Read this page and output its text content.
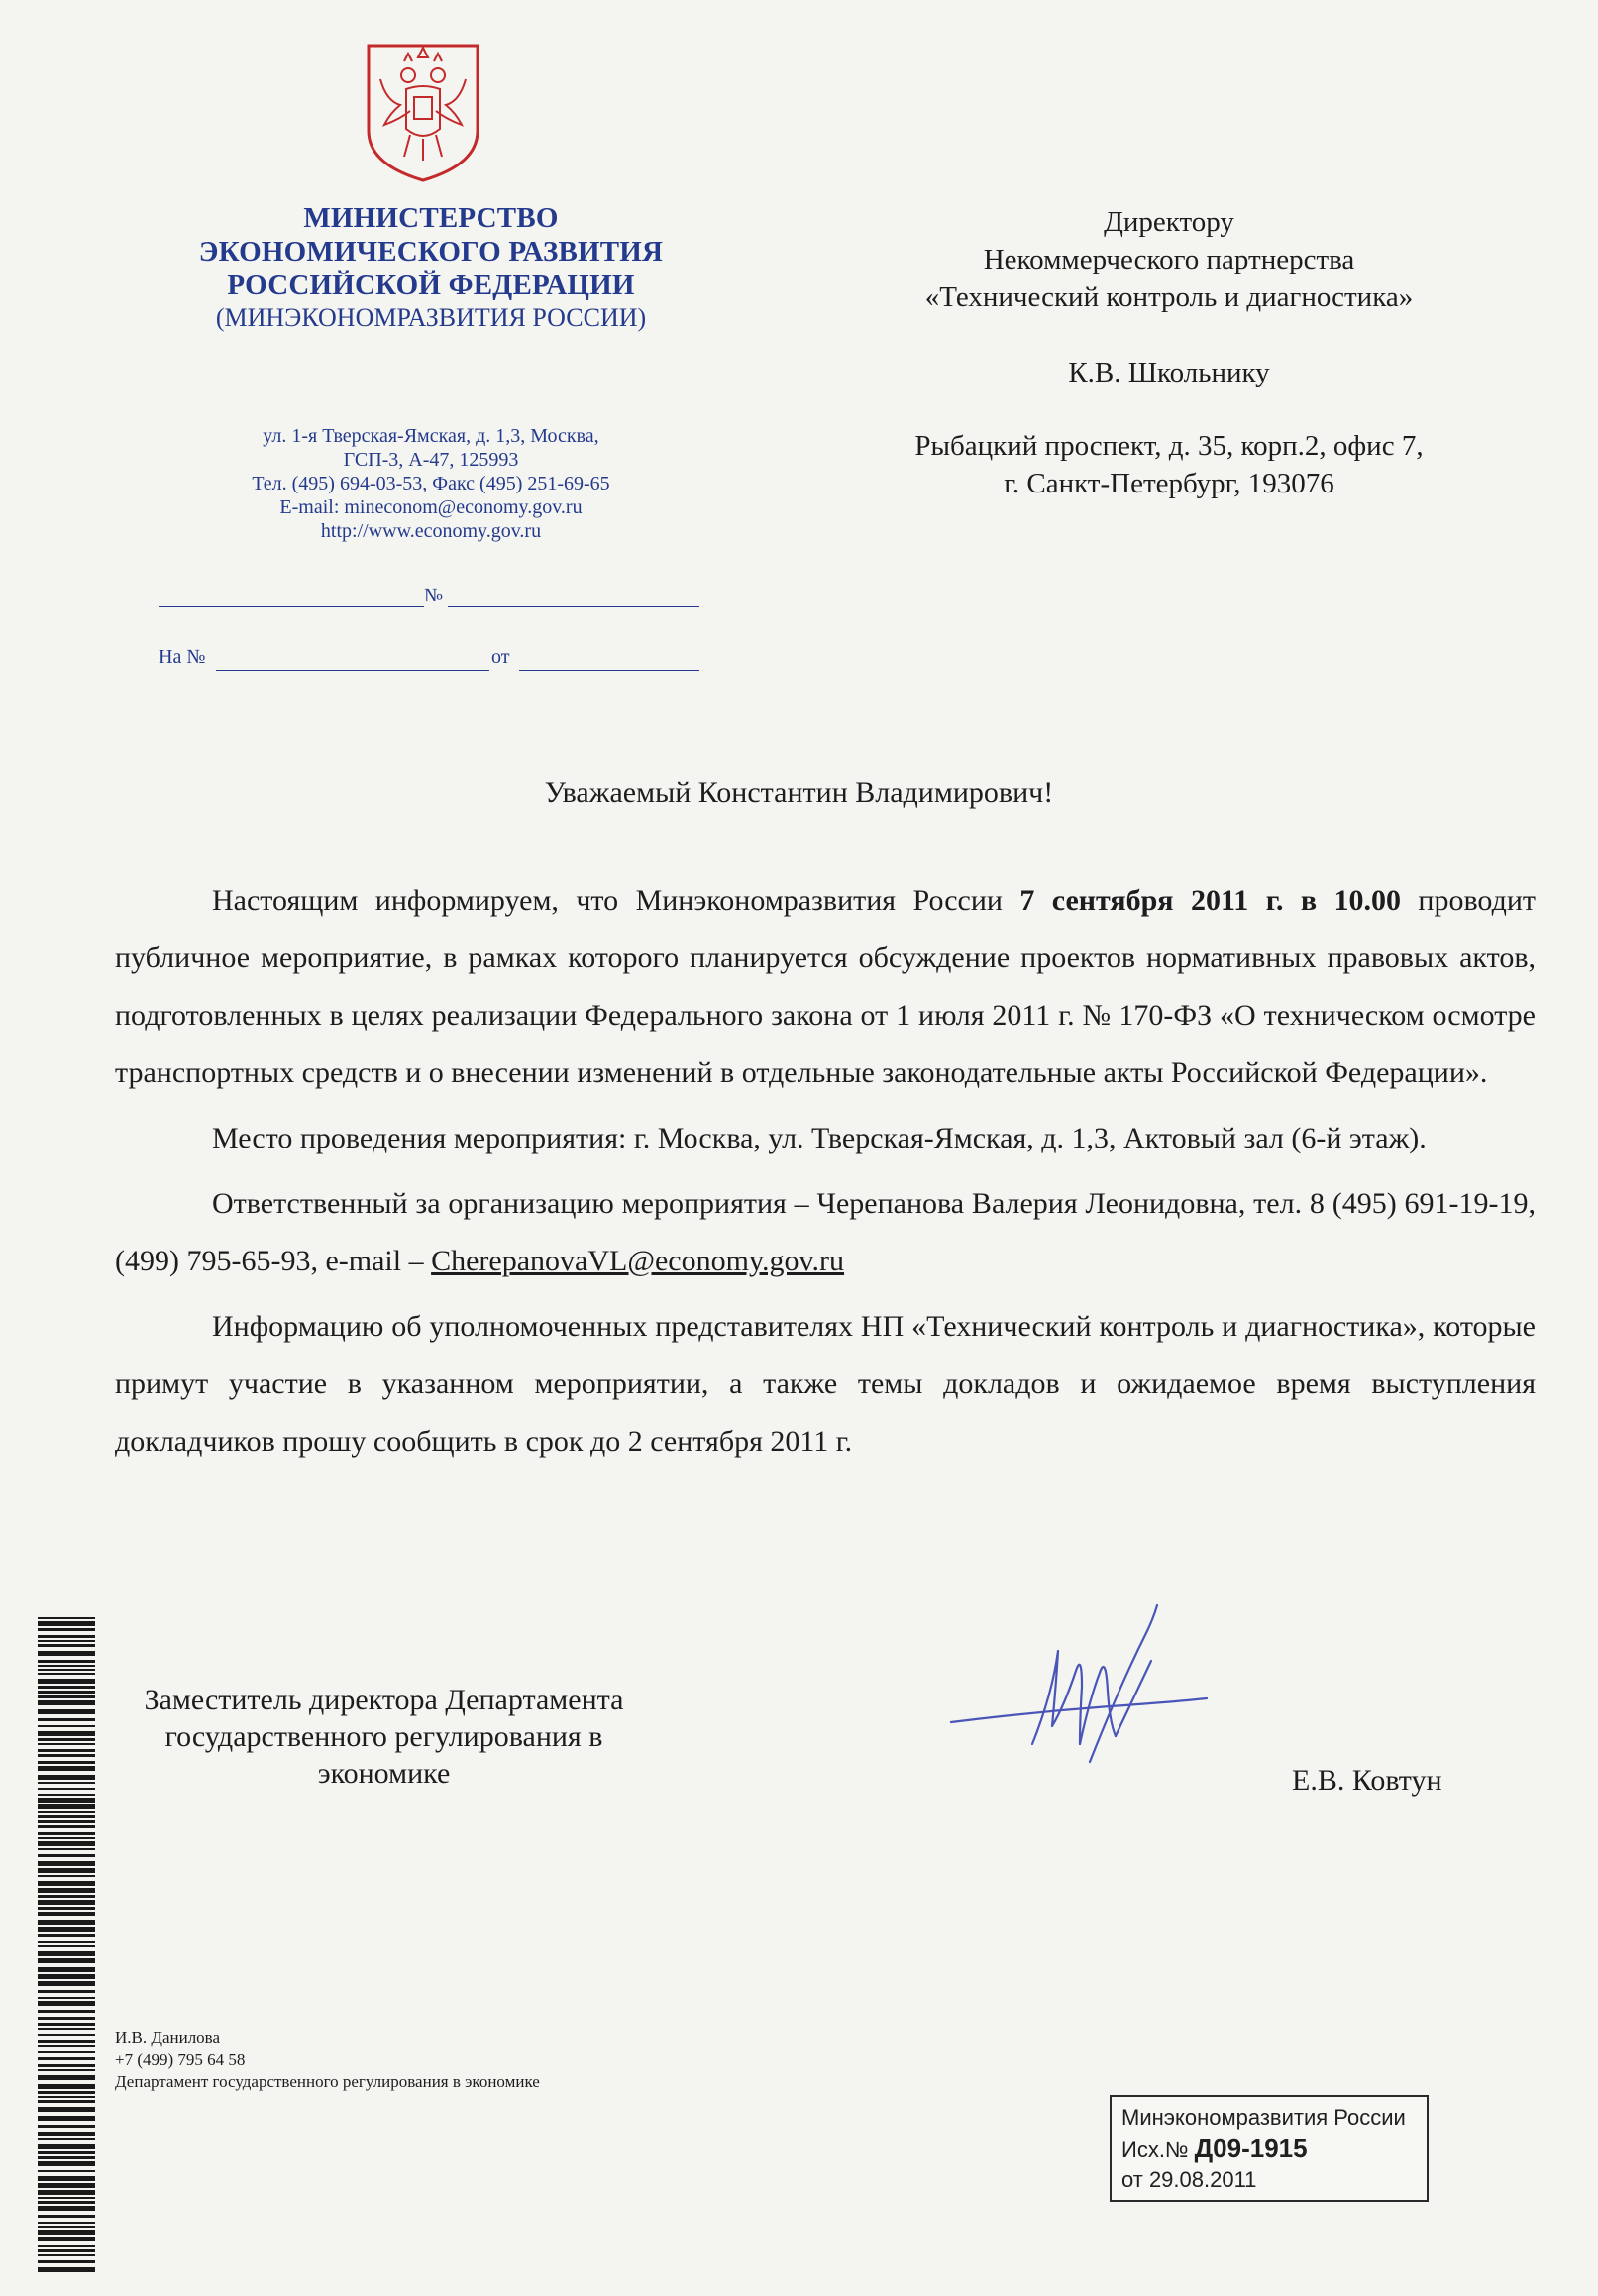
МИНИСТЕРСТВО
ЭКОНОМИЧЕСКОГО РАЗВИТИЯ
РОССИЙСКОЙ ФЕДЕРАЦИИ
(МИНЭКОНОМРАЗВИТИЯ РОССИИ)
ул. 1-я Тверская-Ямская, д. 1,3, Москва,
ГСП-3, А-47, 125993
Тел. (495) 694-03-53, Факс (495) 251-69-65
E-mail: mineconom@economy.gov.ru
http://www.economy.gov.ru
№
На №	от
Директору
Некоммерческого партнерства
«Технический контроль и диагностика»
К.В. Школьнику
Рыбацкий проспект, д. 35, корп.2, офис 7,
г. Санкт-Петербург, 193076
Уважаемый Константин Владимирович!

Настоящим информируем, что Минэкономразвития России 7 сентября 2011 г. в 10.00 проводит публичное мероприятие, в рамках которого планируется обсуждение проектов нормативных правовых актов, подготовленных в целях реализации Федерального закона от 1 июля 2011 г. № 170-ФЗ «О техническом осмотре транспортных средств и о внесении изменений в отдельные законодательные акты Российской Федерации».

Место проведения мероприятия: г. Москва, ул. Тверская-Ямская, д. 1,3, Актовый зал (6-й этаж).

Ответственный за организацию мероприятия – Черепанова Валерия Леонидовна, тел. 8 (495) 691-19-19, (499) 795-65-93, e-mail – CherepanovaVL@economy.gov.ru

Информацию об уполномоченных представителях НП «Технический контроль и диагностика», которые примут участие в указанном мероприятии, а также темы докладов и ожидаемое время выступления докладчиков прошу сообщить в срок до 2 сентября 2011 г.

Заместитель директора Департамента
государственного регулирования в
экономике	Е.В. Ковтун
И.В. Данилова
+7 (499) 795 64 58
Департамент государственного регулирования в экономике
Минэкономразвития России
Исх.№ Д09-1915
от 29.08.2011
